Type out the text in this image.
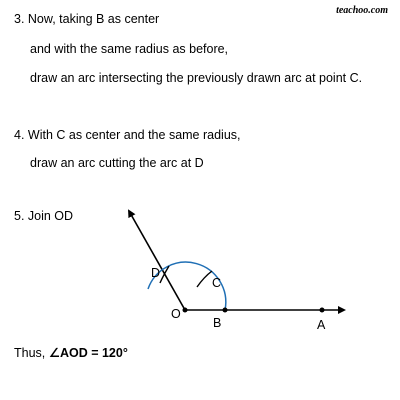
teachoo.com
3. Now, taking B as center
and with the same radius as before,
draw an arc intersecting the previously drawn arc at point C.
4. With C as center and the same radius,
draw an arc cutting the arc at D
5. Join OD
Thus, ∠AOD = 120°
O
B	A
C
D
